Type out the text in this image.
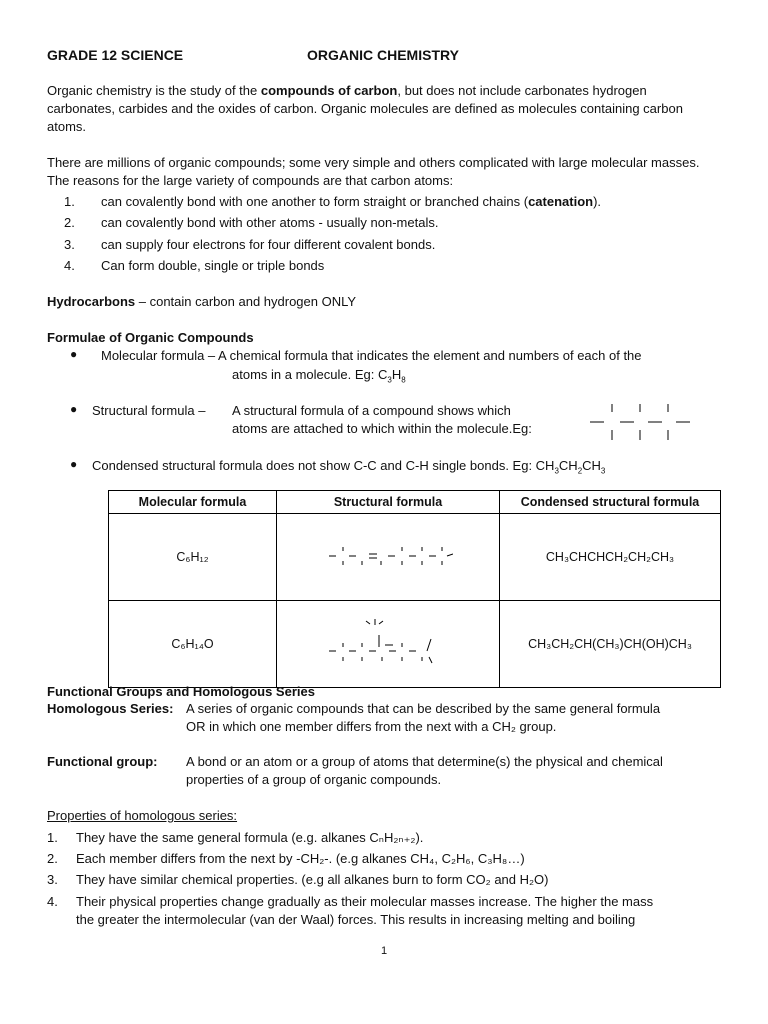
GRADE 12 SCIENCE	ORGANIC CHEMISTRY
Organic chemistry is the study of the compounds of carbon, but does not include carbonates hydrogen carbonates, carbides and the oxides of carbon. Organic molecules are defined as molecules containing carbon atoms.
There are millions of organic compounds; some very simple and others complicated with large molecular masses. The reasons for the large variety of compounds are that carbon atoms:
1. can covalently bond with one another to form straight or branched chains (catenation).
2. can covalently bond with other atoms - usually non-metals.
3. can supply four electrons for four different covalent bonds.
4. Can form double, single or triple bonds
Hydrocarbons – contain carbon and hydrogen ONLY
Formulae of Organic Compounds
● Molecular formula – A chemical formula that indicates the element and numbers of each of the
atoms in a molecule. Eg: $C_3H_8$
● Structural formula – A structural formula of a compound shows which
atoms are attached to which within the molecule.Eg:
● Condensed structural formula does not show C-C and C-H single bonds. Eg: $CH_3CH_2CH_3$
Molecular formula	Structural formula	Condensed structural formula
C₆H₁₂		CH₃CHCHCH₂CH₂CH₃
C₆H₁₄O		CH₃CH₂CH(CH₃)CH(OH)CH₃
Functional Groups and Homologous Series
Homologous Series: A series of organic compounds that can be described by the same general formula
OR in which one member differs from the next with a CH₂ group.
Functional group: A bond or an atom or a group of atoms that determine(s) the physical and chemical
properties of a group of organic compounds.
Properties of homologous series:
1. They have the same general formula (e.g. alkanes CₙH₂ₙ₊₂).
2. Each member differs from the next by -CH₂-. (e.g alkanes CH₄, C₂H₆, C₃H₈…)
3. They have similar chemical properties. (e.g all alkanes burn to form CO₂ and H₂O)
4. Their physical properties change gradually as their molecular masses increase. The higher the mass
the greater the intermolecular (van der Waal) forces. This results in increasing melting and boiling
1
